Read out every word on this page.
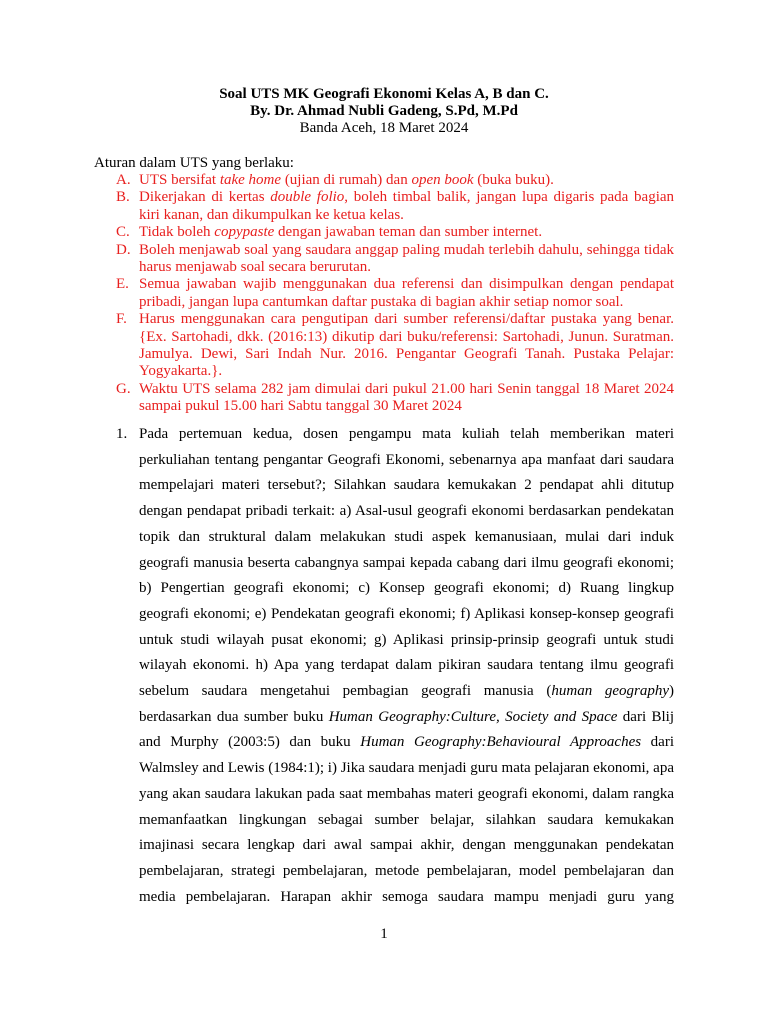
Soal UTS MK Geografi Ekonomi Kelas A, B dan C.
By. Dr. Ahmad Nubli Gadeng, S.Pd, M.Pd
Banda Aceh, 18 Maret 2024
Aturan dalam UTS yang berlaku:
A. UTS bersifat take home (ujian di rumah) dan open book (buka buku).
B. Dikerjakan di kertas double folio, boleh timbal balik, jangan lupa digaris pada bagian kiri kanan, dan dikumpulkan ke ketua kelas.
C. Tidak boleh copypaste dengan jawaban teman dan sumber internet.
D. Boleh menjawab soal yang saudara anggap paling mudah terlebih dahulu, sehingga tidak harus menjawab soal secara berurutan.
E. Semua jawaban wajib menggunakan dua referensi dan disimpulkan dengan pendapat pribadi, jangan lupa cantumkan daftar pustaka di bagian akhir setiap nomor soal.
F. Harus menggunakan cara pengutipan dari sumber referensi/daftar pustaka yang benar. {Ex. Sartohadi, dkk. (2016:13) dikutip dari buku/referensi: Sartohadi, Junun. Suratman. Jamulya. Dewi, Sari Indah Nur. 2016. Pengantar Geografi Tanah. Pustaka Pelajar: Yogyakarta.}.
G. Waktu UTS selama 282 jam dimulai dari pukul 21.00 hari Senin tanggal 18 Maret 2024 sampai pukul 15.00 hari Sabtu tanggal 30 Maret 2024
1. Pada pertemuan kedua, dosen pengampu mata kuliah telah memberikan materi perkuliahan tentang pengantar Geografi Ekonomi, sebenarnya apa manfaat dari saudara mempelajari materi tersebut?; Silahkan saudara kemukakan 2 pendapat ahli ditutup dengan pendapat pribadi terkait: a) Asal-usul geografi ekonomi berdasarkan pendekatan topik dan struktural dalam melakukan studi aspek kemanusiaan, mulai dari induk geografi manusia beserta cabangnya sampai kepada cabang dari ilmu geografi ekonomi; b) Pengertian geografi ekonomi; c) Konsep geografi ekonomi; d) Ruang lingkup geografi ekonomi; e) Pendekatan geografi ekonomi; f) Aplikasi konsep-konsep geografi untuk studi wilayah pusat ekonomi; g) Aplikasi prinsip-prinsip geografi untuk studi wilayah ekonomi. h) Apa yang terdapat dalam pikiran saudara tentang ilmu geografi sebelum saudara mengetahui pembagian geografi manusia (human geography) berdasarkan dua sumber buku Human Geography:Culture, Society and Space dari Blij and Murphy (2003:5) dan buku Human Geography:Behavioural Approaches dari Walmsley and Lewis (1984:1); i) Jika saudara menjadi guru mata pelajaran ekonomi, apa yang akan saudara lakukan pada saat membahas materi geografi ekonomi, dalam rangka memanfaatkan lingkungan sebagai sumber belajar, silahkan saudara kemukakan imajinasi secara lengkap dari awal sampai akhir, dengan menggunakan pendekatan pembelajaran, strategi pembelajaran, metode pembelajaran, model pembelajaran dan media pembelajaran. Harapan akhir semoga saudara mampu menjadi guru yang
1
